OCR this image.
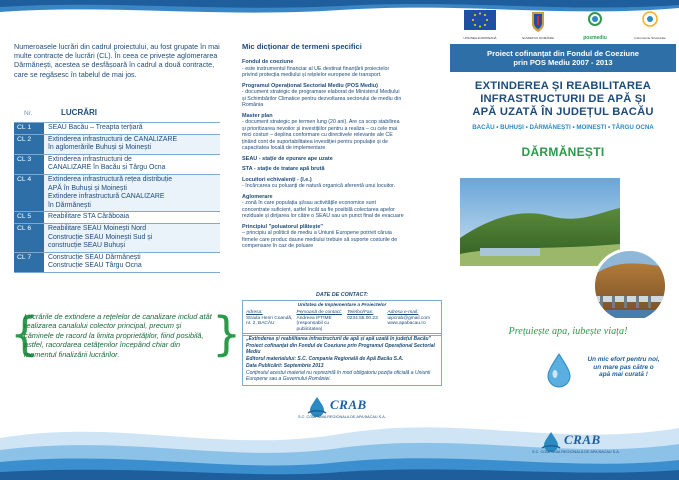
Numeroasele lucrări din cadrul proiectului, au fost grupate în mai multe contracte de lucrări (CL). În ceea ce privește aglomerarea Dărmănești, acestea se desfășoară în cadrul a două contracte, care se regăsesc în tabelul de mai jos.

Nr.	LUCRĂRI
CL 1	SEAU Bacău – Treapta terțiară
CL 2	Extinderea infrastructurii de CANALIZARE
în aglomerările Buhuși și Moinești
CL 3	Extinderea infrastructurii de
CANALIZARE în Bacău și Târgu Ocna
CL 4	Extinderea infrastructură rețea distribuție
APĂ în Buhuși și Moinești
Extindere infrastructură CANALIZARE
în Dărmănești
CL 5	Reabilitare STA Cărăboaia
CL 6	Reabilitare SEAU Moinești Nord
Construcție SEAU Moinești Sud și
construcție SEAU Buhuși
CL 7	Construcție SEAU Dărmănești
Construcție SEAU Târgu Ocna
{

Lucrările de extindere a rețelelor de canalizare includ atât realizarea canalului colector principal, precum și căminele de racord la limita proprietăților, fiind posibilă, astfel, racordarea cetățenilor începând chiar din momentul finalizării lucrărilor.	}
Mic dicționar de termeni specifici
Fondul de coeziune
- este instrumentul financiar al UE destinat finanțării proiectelor
privind protecția mediului și rețelelor europene de transport.
Programul Operațional Sectorial Mediu (POS Mediu)
- document strategic de programare elaborat de Ministerul Mediului
și Schimbărilor Climatice pentru dezvoltarea sectorului de mediu din
România
Master plan
- document strategic pe termen lung (20 ani). Are ca scop stabilirea
și prioritizarea nevoilor și investițiilor pentru a realiza – cu cele mai
mici costuri – deplina conformare cu directivele relevante ale CE
ținând cont de suportabilitatea investiției pentru populație și de
capacitatea locală de implementare
SEAU - stație de epurare ape uzate
STA - stație de tratare apă brută
Locuitori echivalenți - (l.e.)
- încărcarea cu poluanți de natură organică aferentă unui locuitor.
Aglomerare
- zonă în care populația și/sau activitățile economice sunt
concentrate suficient, astfel încât sa fie posibilă colectarea apelor
reziduale și dirijarea lor către o SEAU sau un punct final de evacuare
Principiul "poluatorul plătește"
– principiu al politicii de mediu a Uniunii Europene potrivit căruia
firmele care produc daune mediului trebuie să suporte costurile de
compensare în caz de poluare
DATE DE CONTACT:
Unitatea de Implementare a Proiectelor
Adresa:
Strada Henri Coandă,
nr. 2, BACĂU
Persoană de contact:
Andreea IFTIME
(responsabil cu publicitatea)
Telefon/Fax:
0234.55.00.23
Adresa e-mail:
uipcrab@gmail.com
www.apabacau.ro

„Extinderea și reabilitarea infrastructurii de apă și apă uzată în județul Bacău"

Proiect cofinanțat din Fondul de Coeziune prin Programul Operațional Sectorial Mediu

Editorul materialului: S.C. Compania Regională de Apă Bacău S.A.

Data Publicării: Septembrie 2013

Conținutul acestui material nu reprezintă în mod obligatoriu poziția oficială a Uniunii Europene sau a Guvernului României.

CRAB
S.C. COMPANIA REGIONALA DE APA BACAU S.A.
UNIUNEA EUROPEANĂ	GUVERNUL ROMÂNIEI	posmediu	Instrumente Structurale
Proiect cofinanțat din Fondul de Coeziune
prin POS Mediu 2007 - 2013
EXTINDEREA ȘI REABILITAREA
INFRASTRUCTURII DE APĂ ȘI
APĂ UZATĂ ÎN JUDEȚUL BACĂU
BACĂU • BUHUȘI • DĂRMĂNEȘTI • MOINEȘTI • TÂRGU OCNA
DĂRMĂNEȘTI
Prețuiește apa, iubește viața!
Un mic efort pentru noi,
un mare pas către o
apă mai curată !
CRAB
S.C. COMPANIA REGIONALA DE APA BACAU S.A.
